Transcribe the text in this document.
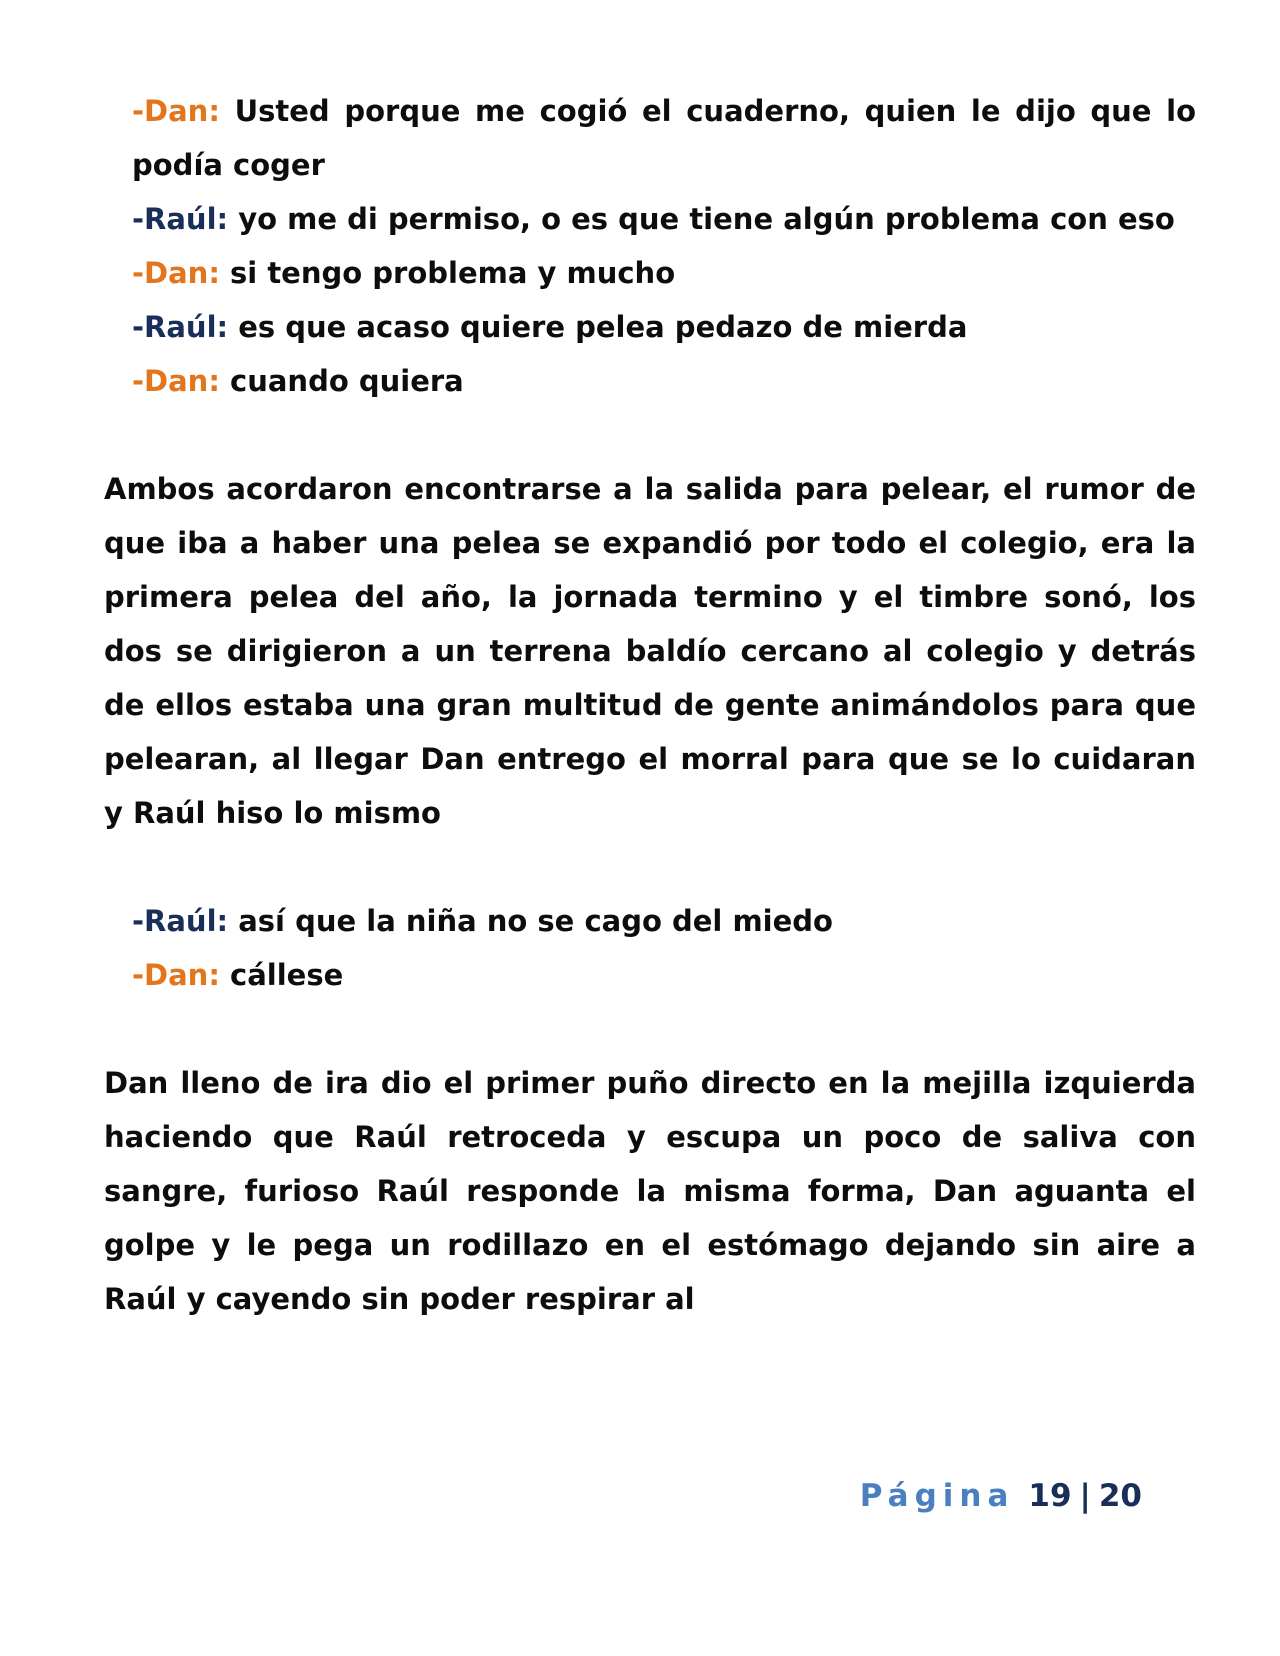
-Dan: Usted porque me cogió el cuaderno, quien le dijo que lo podía coger

-Raúl: yo me di permiso, o es que tiene algún problema con eso

-Dan: si tengo problema y mucho

-Raúl: es que acaso quiere pelea pedazo de mierda

-Dan: cuando quiera

Ambos acordaron encontrarse a la salida para pelear, el rumor de que iba a haber una pelea se expandió por todo el colegio, era la primera pelea del año, la jornada termino y el timbre sonó, los dos se dirigieron a un terrena baldío cercano al colegio y detrás de ellos estaba una gran multitud de gente animándolos para que pelearan, al llegar Dan entrego el morral para que se lo cuidaran y Raúl hiso lo mismo

-Raúl: así que la niña no se cago del miedo

-Dan: cállese

Dan lleno de ira dio el primer puño directo en la mejilla izquierda haciendo que Raúl retroceda y escupa un poco de saliva con sangre, furioso Raúl responde la misma forma, Dan aguanta el golpe y le pega un rodillazo en el estómago dejando sin aire a Raúl y cayendo sin poder respirar al

Página 19 | 20
